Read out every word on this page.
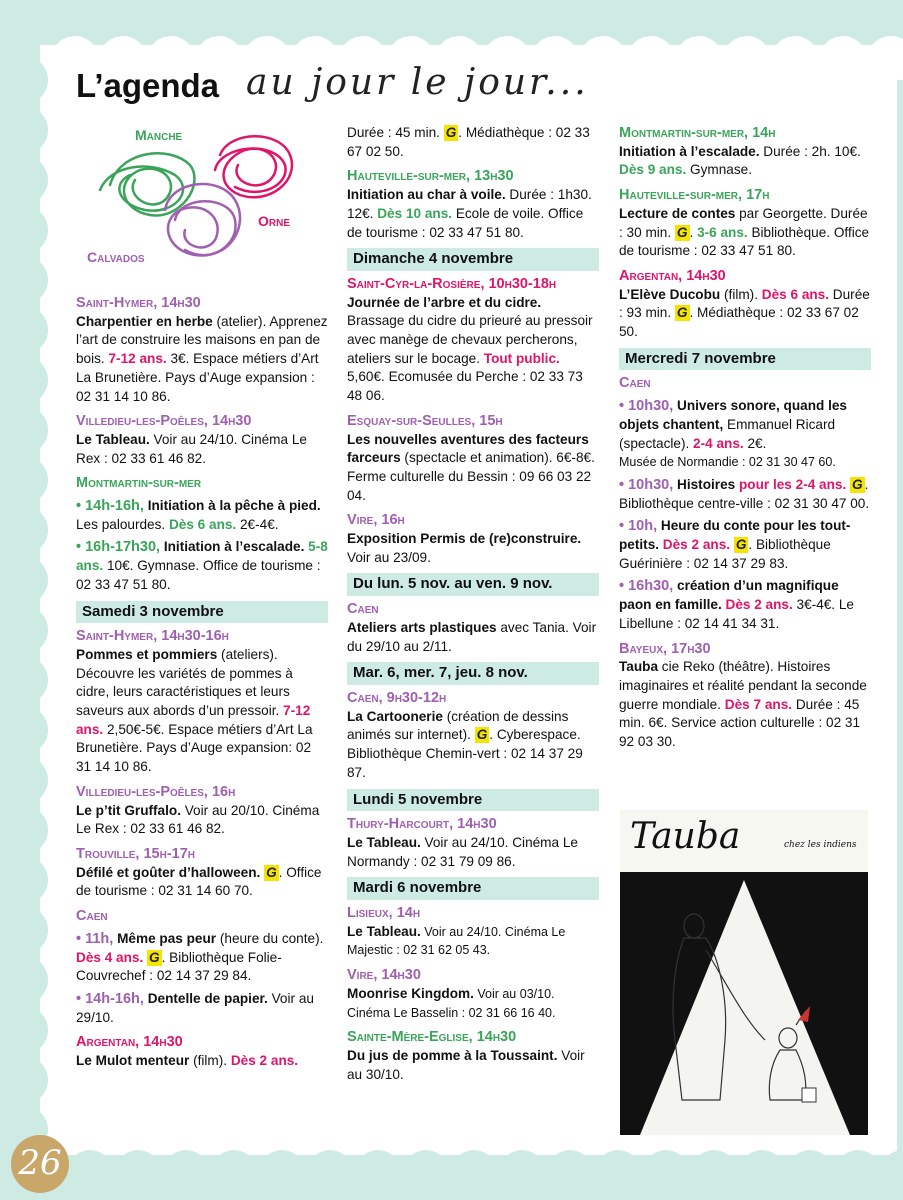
26
L’agenda au jour le jour...
Manche
Orne
Calvados

Saint-Hymer, 14h30

Charpentier en herbe (atelier). Apprenez l’art de construire les maisons en pan de bois. 7-12 ans. 3€. Espace métiers d’Art La Brunetière. Pays d’Auge expansion : 02 31 14 10 86.

Villedieu-les-Poêles, 14h30

Le Tableau. Voir au 24/10. Cinéma Le Rex : 02 33 61 46 82.

Montmartin-sur-mer

• 14h-16h, Initiation à la pêche à pied. Les palourdes. Dès 6 ans. 2€-4€.

• 16h-17h30, Initiation à l’escalade. 5-8 ans. 10€. Gymnase. Office de tourisme : 02 33 47 51 80.

Samedi 3 novembre

Saint-Hymer, 14h30-16h

Pommes et pommiers (ateliers). Découvre les variétés de pommes à cidre, leurs caractéristiques et leurs saveurs aux abords d’un pressoir. 7-12 ans. 2,50€-5€. Espace métiers d’Art La Brunetière. Pays d’Auge expansion: 02 31 14 10 86.

Villedieu-les-Poêles, 16h

Le p’tit Gruffalo. Voir au 20/10. Cinéma Le Rex : 02 33 61 46 82.

Trouville, 15h-17h

Défilé et goûter d’halloween. G . Office de tourisme : 02 31 14 60 70.

Caen

• 11h, Même pas peur (heure du conte). Dès 4 ans. G . Bibliothèque Folie-Couvrechef : 02 14 37 29 84.

• 14h-16h, Dentelle de papier. Voir au 29/10.

Argentan, 14h30

Le Mulot menteur (film). Dès 2 ans.

Durée : 45 min. G . Médiathèque : 02 33 67 02 50.

Hauteville-sur-mer, 13h30

Initiation au char à voile. Durée : 1h30. 12€. Dès 10 ans. Ecole de voile. Office de tourisme : 02 33 47 51 80.

Dimanche 4 novembre

Saint-Cyr-la-Rosière, 10h30-18h

Journée de l’arbre et du cidre. Brassage du cidre du prieuré au pressoir avec manège de chevaux percherons, ateliers sur le bocage. Tout public. 5,60€. Ecomusée du Perche : 02 33 73 48 06.

Esquay-sur-Seulles, 15h

Les nouvelles aventures des facteurs farceurs (spectacle et animation). 6€-8€. Ferme culturelle du Bessin : 09 66 03 22 04.

Vire, 16h

Exposition Permis de (re)construire. Voir au 23/09.

Du lun. 5 nov. au ven. 9 nov.

Caen

Ateliers arts plastiques avec Tania. Voir du 29/10 au 2/11.

Mar. 6, mer. 7, jeu. 8 nov.

Caen, 9h30-12h

La Cartoonerie (création de dessins animés sur internet). G . Cyberespace. Bibliothèque Chemin-vert : 02 14 37 29 87.

Lundi 5 novembre

Thury-Harcourt, 14h30

Le Tableau. Voir au 24/10. Cinéma Le Normandy : 02 31 79 09 86.

Mardi 6 novembre

Lisieux, 14h

Le Tableau. Voir au 24/10. Cinéma Le Majestic : 02 31 62 05 43.

Vire, 14h30

Moonrise Kingdom. Voir au 03/10. Cinéma Le Basselin : 02 31 66 16 40.

Sainte-Mère-Eglise, 14h30

Du jus de pomme à la Toussaint. Voir au 30/10.

Montmartin-sur-mer, 14h

Initiation à l’escalade. Durée : 2h. 10€. Dès 9 ans. Gymnase.

Hauteville-sur-mer, 17h

Lecture de contes par Georgette. Durée : 30 min. G . 3-6 ans. Bibliothèque. Office de tourisme : 02 33 47 51 80.

Argentan, 14h30

L’Elève Ducobu (film). Dès 6 ans. Durée : 93 min. G . Médiathèque : 02 33 67 02 50.

Mercredi 7 novembre

Caen

• 10h30, Univers sonore, quand les objets chantent, Emmanuel Ricard (spectacle). 2-4 ans. 2€.
Musée de Normandie : 02 31 30 47 60.

• 10h30, Histoires pour les 2-4 ans. G . Bibliothèque centre-ville : 02 31 30 47 00.

• 10h, Heure du conte pour les tout-petits. Dès 2 ans. G . Bibliothèque Guérinière : 02 14 37 29 83.

• 16h30, création d’un magnifique paon en famille. Dès 2 ans. 3€-4€. Le Libellune : 02 14 41 34 31.

Bayeux, 17h30

Tauba cie Reko (théâtre). Histoires imaginaires et réalité pendant la seconde guerre mondiale. Dès 7 ans. Durée : 45 min. 6€. Service action culturelle : 02 31 92 03 30.

Tauba	chez les indiens
